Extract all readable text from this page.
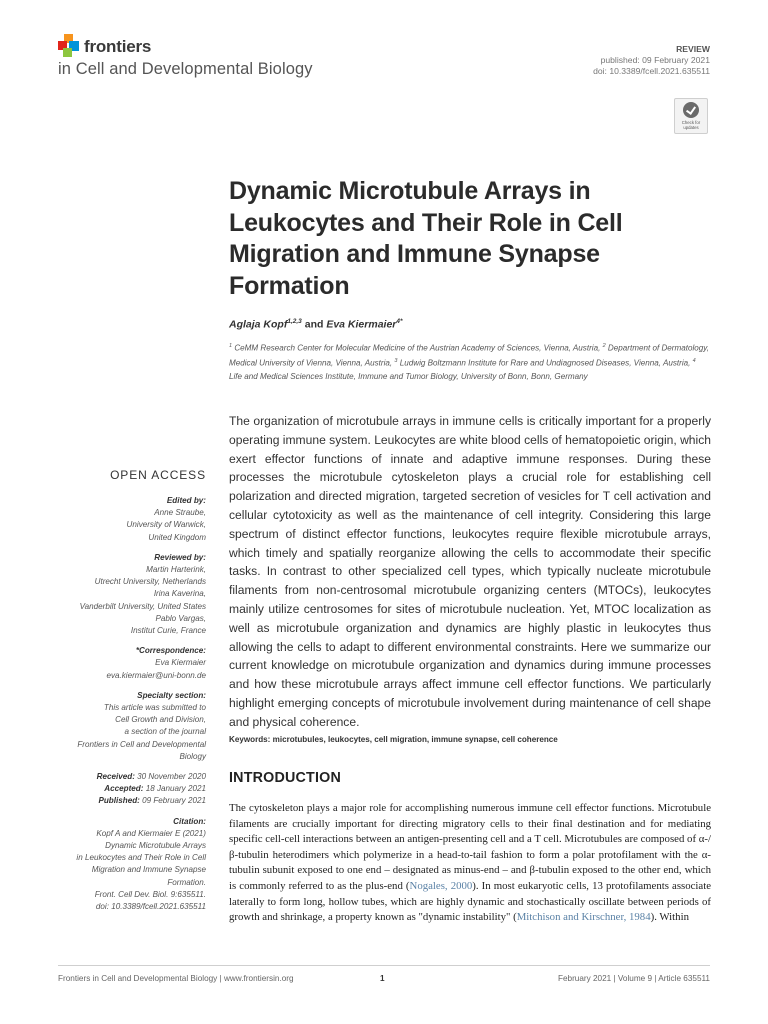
frontiers
in Cell and Developmental Biology
REVIEW
published: 09 February 2021
doi: 10.3389/fcell.2021.635511
Check for updates
Dynamic Microtubule Arrays in Leukocytes and Their Role in Cell Migration and Immune Synapse Formation
Aglaja Kopf$^{1,2,3}$ and Eva Kiermaier$^{4*}$
$^1$ CeMM Research Center for Molecular Medicine of the Austrian Academy of Sciences, Vienna, Austria, $^2$ Department of Dermatology, Medical University of Vienna, Vienna, Austria, $^3$ Ludwig Boltzmann Institute for Rare and Undiagnosed Diseases, Vienna, Austria, $^4$ Life and Medical Sciences Institute, Immune and Tumor Biology, University of Bonn, Bonn, Germany
The organization of microtubule arrays in immune cells is critically important for a properly operating immune system. Leukocytes are white blood cells of hematopoietic origin, which exert effector functions of innate and adaptive immune responses. During these processes the microtubule cytoskeleton plays a crucial role for establishing cell polarization and directed migration, targeted secretion of vesicles for T cell activation and cellular cytotoxicity as well as the maintenance of cell integrity. Considering this large spectrum of distinct effector functions, leukocytes require flexible microtubule arrays, which timely and spatially reorganize allowing the cells to accommodate their specific tasks. In contrast to other specialized cell types, which typically nucleate microtubule filaments from non-centrosomal microtubule organizing centers (MTOCs), leukocytes mainly utilize centrosomes for sites of microtubule nucleation. Yet, MTOC localization as well as microtubule organization and dynamics are highly plastic in leukocytes thus allowing the cells to adapt to different environmental constraints. Here we summarize our current knowledge on microtubule organization and dynamics during immune processes and how these microtubule arrays affect immune cell effector functions. We particularly highlight emerging concepts of microtubule involvement during maintenance of cell shape and physical coherence.
Keywords: microtubules, leukocytes, cell migration, immune synapse, cell coherence
OPEN ACCESS
Edited by:
Anne Straube,
University of Warwick,
United Kingdom
Reviewed by:
Martin Harterink,
Utrecht University, Netherlands
Irina Kaverina,
Vanderbilt University, United States
Pablo Vargas,
Institut Curie, France
*Correspondence:
Eva Kiermaier
eva.kiermaier@uni-bonn.de
Specialty section:
This article was submitted to
Cell Growth and Division,
a section of the journal
Frontiers in Cell and Developmental
Biology
Received: 30 November 2020
Accepted: 18 January 2021
Published: 09 February 2021
Citation:
Kopf A and Kiermaier E (2021)
Dynamic Microtubule Arrays
in Leukocytes and Their Role in Cell
Migration and Immune Synapse
Formation.
Front. Cell Dev. Biol. 9:635511.
doi: 10.3389/fcell.2021.635511
INTRODUCTION
The cytoskeleton plays a major role for accomplishing numerous immune cell effector functions. Microtubule filaments are crucially important for directing migratory cells to their final destination and for mediating specific cell-cell interactions between an antigen-presenting cell and a T cell. Microtubules are composed of α-/β-tubulin heterodimers which polymerize in a head-to-tail fashion to form a polar protofilament with the α-tubulin subunit exposed to one end – designated as minus-end – and β-tubulin exposed to the other end, which is commonly referred to as the plus-end (Nogales, 2000). In most eukaryotic cells, 13 protofilaments associate laterally to form long, hollow tubes, which are highly dynamic and stochastically oscillate between periods of growth and shrinkage, a property known as "dynamic instability" (Mitchison and Kirschner, 1984). Within
Frontiers in Cell and Developmental Biology | www.frontiersin.org	1	February 2021 | Volume 9 | Article 635511
